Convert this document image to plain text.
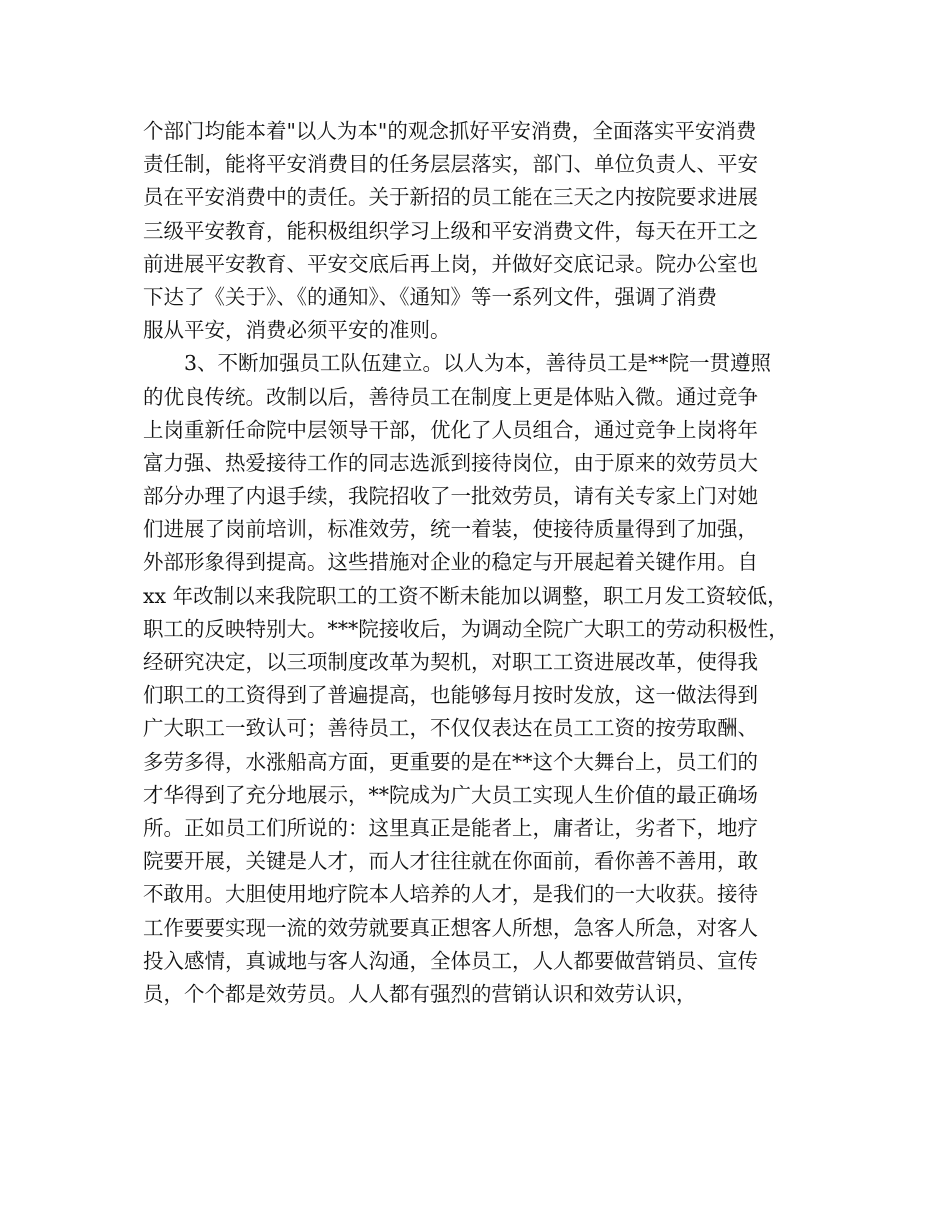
个部门均能本着"以人为本"的观念抓好平安消费，全面落实平安消费
责任制，能将平安消费目的任务层层落实，部门、单位负责人、平安
员在平安消费中的责任。关于新招的员工能在三天之内按院要求进展
三级平安教育，能积极组织学习上级和平安消费文件，每天在开工之
前进展平安教育、平安交底后再上岗，并做好交底记录。院办公室也
下达了《关于》、《的通知》、《通知》等一系列文件，强调了消费
服从平安，消费必须平安的准则。
　　3、不断加强员工队伍建立。以人为本，善待员工是**院一贯遵照
的优良传统。改制以后，善待员工在制度上更是体贴入微。通过竞争
上岗重新任命院中层领导干部，优化了人员组合，通过竞争上岗将年
富力强、热爱接待工作的同志选派到接待岗位，由于原来的效劳员大
部分办理了内退手续，我院招收了一批效劳员，请有关专家上门对她
们进展了岗前培训，标准效劳，统一着装，使接待质量得到了加强，
外部形象得到提高。这些措施对企业的稳定与开展起着关键作用。自
xx 年改制以来我院职工的工资不断未能加以调整，职工月发工资较低，
职工的反映特别大。***院接收后，为调动全院广大职工的劳动积极性，
经研究决定，以三项制度改革为契机，对职工工资进展改革，使得我
们职工的工资得到了普遍提高，也能够每月按时发放，这一做法得到
广大职工一致认可；善待员工，不仅仅表达在员工工资的按劳取酬、
多劳多得，水涨船高方面，更重要的是在**这个大舞台上，员工们的
才华得到了充分地展示，**院成为广大员工实现人生价值的最正确场
所。正如员工们所说的：这里真正是能者上，庸者让，劣者下，地疗
院要开展，关键是人才，而人才往往就在你面前，看你善不善用，敢
不敢用。大胆使用地疗院本人培养的人才，是我们的一大收获。接待
工作要要实现一流的效劳就要真正想客人所想，急客人所急，对客人
投入感情，真诚地与客人沟通，全体员工，人人都要做营销员、宣传
员，个个都是效劳员。人人都有强烈的营销认识和效劳认识，
